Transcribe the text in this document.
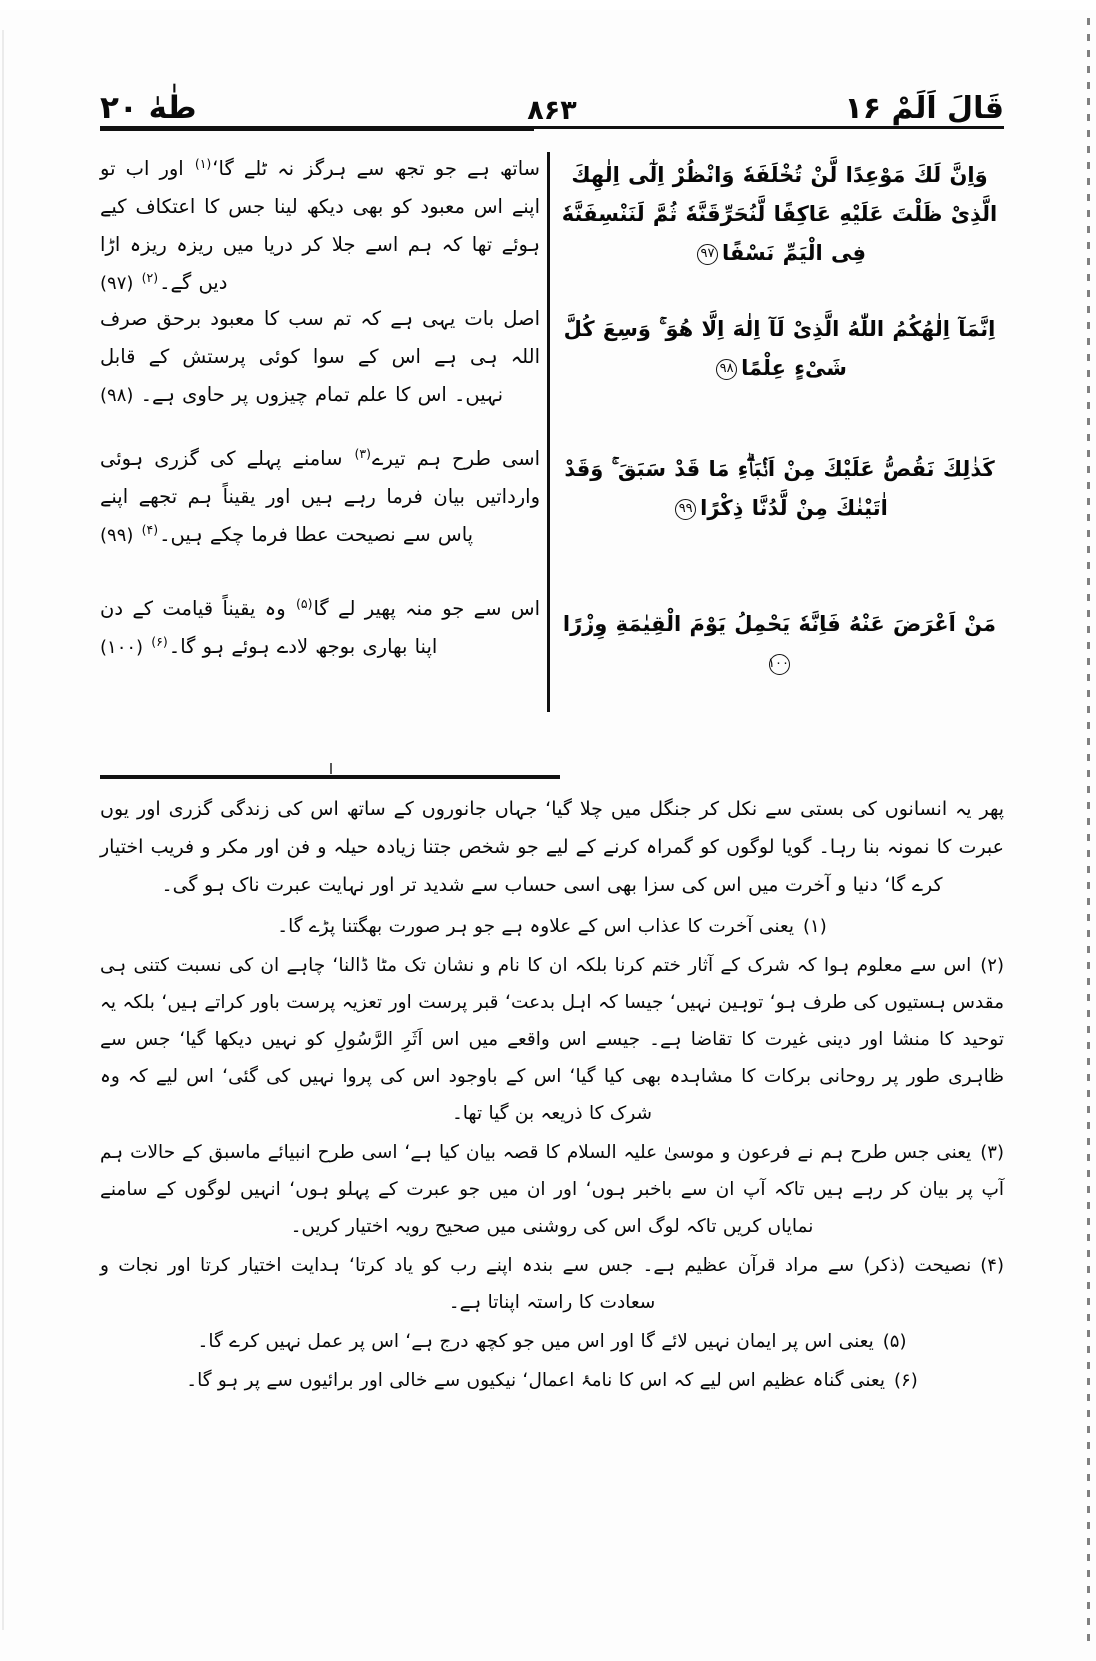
طٰهٰ ۲۰	۸۶۳	قَالَ اَلَمْ ۱۶
وَاِنَّ لَكَ مَوْعِدًا لَّنْ تُخْلَفَهٗ وَانْظُرْ اِلٰٓى اِلٰهِكَ الَّذِىْ ظَلْتَ عَلَيْهِ عَاكِفًا لَّنُحَرِّقَنَّهٗ ثُمَّ لَنَنْسِفَنَّهٗ فِى الْيَمِّ نَسْفًا۹۷
اِنَّمَآ اِلٰهُكُمُ اللّٰهُ الَّذِىْ لَآ اِلٰهَ اِلَّا هُوَ ۚ وَسِعَ كُلَّ شَىْءٍ عِلْمًا۹۸
كَذٰلِكَ نَقُصُّ عَلَيْكَ مِنْ اَنْۢبَاۗءِ مَا قَدْ سَبَقَ ۚ وَقَدْ اٰتَيْنٰكَ مِنْ لَّدُنَّا ذِكْرًا۹۹
مَنْ اَعْرَضَ عَنْهُ فَاِنَّهٗ يَحْمِلُ يَوْمَ الْقِيٰمَةِ وِزْرًا۱۰۰
ساتھ ہے جو تجھ سے ہرگز نہ ٹلے گا‘$^{(۱)}$ اور اب تو اپنے اس معبود کو بھی دیکھ لینا جس کا اعتکاف کیے ہوئے تھا کہ ہم اسے جلا کر دریا میں ریزہ ریزہ اڑا دیں گے۔$^{(۲)}$ (۹۷)
اصل بات یہی ہے کہ تم سب کا معبود برحق صرف اللہ ہی ہے اس کے سوا کوئی پرستش کے قابل نہیں۔ اس کا علم تمام چیزوں پر حاوی ہے۔ (۹۸)
اسی طرح ہم تیرے$^{(۳)}$ سامنے پہلے کی گزری ہوئی وارداتیں بیان فرما رہے ہیں اور یقیناً ہم تجھے اپنے پاس سے نصیحت عطا فرما چکے ہیں۔$^{(۴)}$ (۹۹)
اس سے جو منہ پھیر لے گا$^{(۵)}$ وہ یقیناً قیامت کے دن اپنا بھاری بوجھ لادے ہوئے ہو گا۔$^{(۶)}$ (۱۰۰)
پھر یہ انسانوں کی بستی سے نکل کر جنگل میں چلا گیا‘ جہاں جانوروں کے ساتھ اس کی زندگی گزری اور یوں عبرت کا نمونہ بنا رہا۔ گویا لوگوں کو گمراہ کرنے کے لیے جو شخص جتنا زیادہ حیلہ و فن اور مکر و فریب اختیار کرے گا‘ دنیا و آخرت میں اس کی سزا بھی اسی حساب سے شدید تر اور نہایت عبرت ناک ہو گی۔
(۱)یعنی آخرت کا عذاب اس کے علاوہ ہے جو ہر صورت بھگتنا پڑے گا۔
(۲)اس سے معلوم ہوا کہ شرک کے آثار ختم کرنا بلکہ ان کا نام و نشان تک مٹا ڈالنا‘ چاہے ان کی نسبت کتنی ہی مقدس ہستیوں کی طرف ہو‘ توہین نہیں‘ جیسا کہ اہل بدعت‘ قبر پرست اور تعزیہ پرست باور کراتے ہیں‘ بلکہ یہ توحید کا منشا اور دینی غیرت کا تقاضا ہے۔ جیسے اس واقعے میں اس اَثَرِ الرَّسُولِ کو نہیں دیکھا گیا‘ جس سے ظاہری طور پر روحانی برکات کا مشاہدہ بھی کیا گیا‘ اس کے باوجود اس کی پروا نہیں کی گئی‘ اس لیے کہ وہ شرک کا ذریعہ بن گیا تھا۔
(۳)یعنی جس طرح ہم نے فرعون و موسیٰ علیہ السلام کا قصہ بیان کیا ہے‘ اسی طرح انبیائے ماسبق کے حالات ہم آپ پر بیان کر رہے ہیں تاکہ آپ ان سے باخبر ہوں‘ اور ان میں جو عبرت کے پہلو ہوں‘ انہیں لوگوں کے سامنے نمایاں کریں تاکہ لوگ اس کی روشنی میں صحیح رویہ اختیار کریں۔
(۴)نصیحت (ذکر) سے مراد قرآن عظیم ہے۔ جس سے بندہ اپنے رب کو یاد کرتا‘ ہدایت اختیار کرتا اور نجات و سعادت کا راستہ اپناتا ہے۔
(۵)یعنی اس پر ایمان نہیں لائے گا اور اس میں جو کچھ درج ہے‘ اس پر عمل نہیں کرے گا۔
(۶)یعنی گناہ عظیم اس لیے کہ اس کا نامۂ اعمال‘ نیکیوں سے خالی اور برائیوں سے پر ہو گا۔
